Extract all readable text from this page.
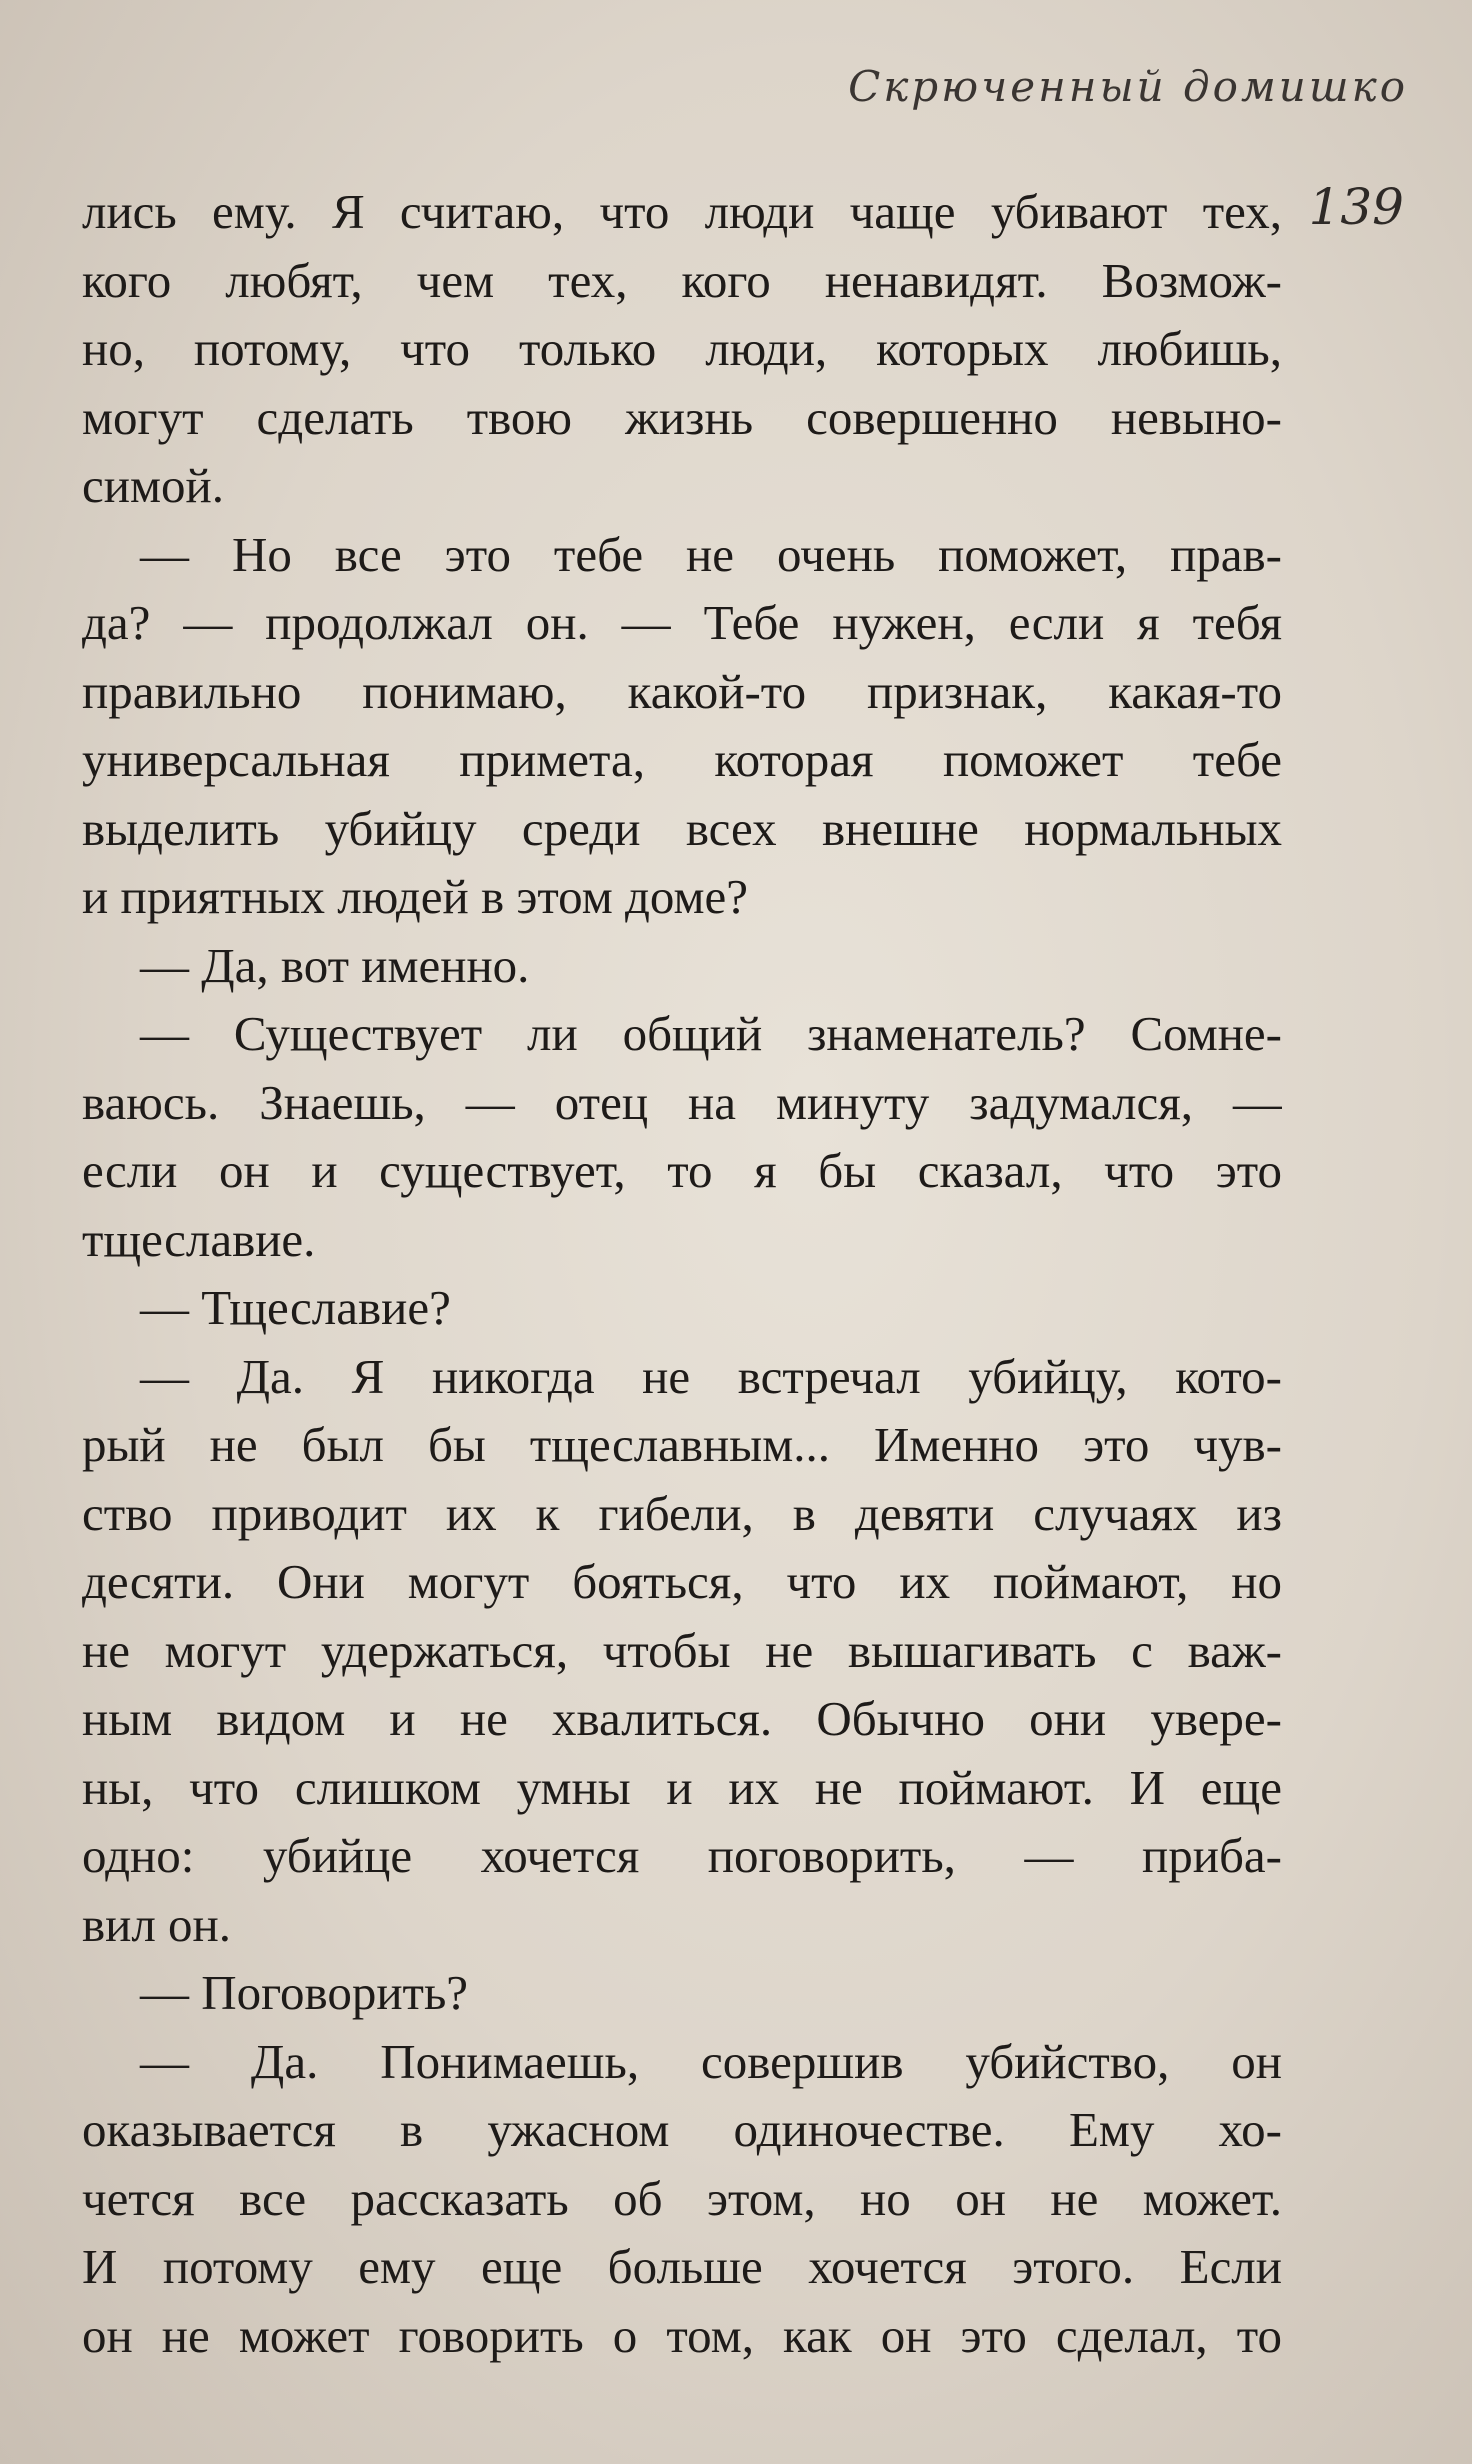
Скрюченный домишко
139
лись ему. Я считаю, что люди чаще убивают тех,
кого любят, чем тех, кого ненавидят. Возмож-
но, потому, что только люди, которых любишь,
могут сделать твою жизнь совершенно невыно-
симой.
— Но все это тебе не очень поможет, прав-
да? — продолжал он. — Тебе нужен, если я тебя
правильно понимаю, какой-то признак, какая-то
универсальная примета, которая поможет тебе
выделить убийцу среди всех внешне нормальных
и приятных людей в этом доме?
— Да, вот именно.
— Существует ли общий знаменатель? Сомне-
ваюсь. Знаешь, — отец на минуту задумался, —
если он и существует, то я бы сказал, что это
тщеславие.
— Тщеславие?
— Да. Я никогда не встречал убийцу, кото-
рый не был бы тщеславным... Именно это чув-
ство приводит их к гибели, в девяти случаях из
десяти. Они могут бояться, что их поймают, но
не могут удержаться, чтобы не вышагивать с важ-
ным видом и не хвалиться. Обычно они увере-
ны, что слишком умны и их не поймают. И еще
одно: убийце хочется поговорить, — приба-
вил он.
— Поговорить?
— Да. Понимаешь, совершив убийство, он
оказывается в ужасном одиночестве. Ему хо-
чется все рассказать об этом, но он не может.
И потому ему еще больше хочется этого. Если
он не может говорить о том, как он это сделал, то
